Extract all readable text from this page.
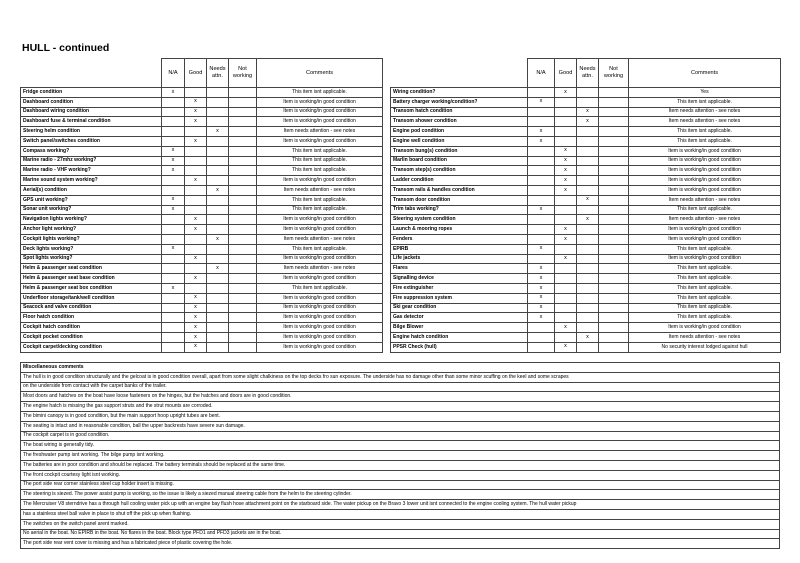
HULL - continued
	N/A	Good	Needs attn.	Not working	Comments
Fridge condition	x				This item isnt applicable.
Dashboard condition		x			Item is working/in good condition
Dashboard wiring condition		x			Item is working/in good condition
Dashboard fuse & terminal condition		x			Item is working/in good condition
Steering helm condition			x		Item needs attention - see notes
Switch panel/switches condition		x			Item is working/in good condition
Compass working?	x				This item isnt applicable.
Marine radio - 27mhz working?	x				This item isnt applicable.
Marine radio - VHF working?	x				This item isnt applicable.
Marine sound system working?		x			Item is working/in good condition
Aerial(s) condition			x		Item needs attention - see notes
GPS unit working?	x				This item isnt applicable.
Sonar unit working?	x				This item isnt applicable.
Navigation lights working?		x			Item is working/in good condition
Anchor light working?		x			Item is working/in good condition
Cockpit lights working?			x		Item needs attention - see notes
Deck lights working?	x				This item isnt applicable.
Spot lights working?		x			Item is working/in good condition
Helm & passenger seat condition			x		Item needs attention - see notes
Helm & passenger seat base condition		x			Item is working/in good condition
Helm & passenger seat box condition	x				This item isnt applicable.
Underfloor storage/tank/well condition		x			Item is working/in good condition
Seacock and valve condition		x			Item is working/in good condition
Floor hatch condition		x			Item is working/in good condition
Cockpit hatch condition		x			Item is working/in good condition
Cockpit pocket condition		x			Item is working/in good condition
Cockpit carpet/decking condition		x			Item is working/in good condition
	N/A	Good	Needs attn.	Not working	Comments
Wiring condition?		x			Yes
Battery charger working/condition?	x				This item isnt applicable.
Transom hatch condition			x		Item needs attention - see notes
Transom shower condition			x		Item needs attention - see notes
Engine pod condition	x				This item isnt applicable.
Engine well condition	x				This item isnt applicable.
Transom bung(s) condition		x			Item is working/in good condition
Marlin board condition		x			Item is working/in good condition
Transom step(s) condition		x			Item is working/in good condition
Ladder condition		x			Item is working/in good condition
Transom rails & handles condition		x			Item is working/in good condition
Transom door condition			x		Item needs attention - see notes
Trim tabs working?	x				This item isnt applicable.
Steering system condition			x		Item needs attention - see notes
Launch & mooring ropes		x			Item is working/in good condition
Fenders		x			Item is working/in good condition
EPIRB	x				This item isnt applicable.
Life jackets		x			Item is working/in good condition
Flares	x				This item isnt applicable.
Signalling device	x				This item isnt applicable.
Fire extinguisher	x				This item isnt applicable.
Fire suppression system	x				This item isnt applicable.
Ski gear condition	x				This item isnt applicable.
Gas detector	x				This item isnt applicable.
Bilge Blower		x			Item is working/in good condition
Engine hatch condition			x		Item needs attention - see notes
PPSR Check (hull)		x			No security interest lodged against hull
Miscellaneous comments
The hull is in good condition structurally and the gelcoat is in good condition overall, apart from some slight chalkiness on the top decks fro sun exposure. The underside has no damage other than some minor scuffing on the keel and some scrapes
on the underside from contact with the carpet banks of the trailer.
Most doors and hatches on the boat have loose fasteners on the hinges, but the hatches and doors are in good condition.
The engine hatch is missing the gas support struts and the strut mounts are corroded.
The bimini canopy is in good condition, but the main support hoop upright tubes are bent.
The seating is intact and in reasonable condition, ball the upper backrests have severe sun damage.
The cockpit carpet is in good condition.
The boat wiring is generally tidy.
The freshwater pump isnt working. The bilge pump isnt working.
The batteries are in poor condition and should be replaced. The battery terminals should be replaced at the same time.
The front cockpit courtesy light isnt working.
The port side rear corner stainless steel cup holder insert is missing.
The steering is siezed. The power assist pump is working, so the issue is likely a siezed manual steering cable from the helm to the steering cylinder.
The Mercruiser V8 sterndrive has a through hull cooling water pick up with an engine bay flush hose attachment point on the starboard side. The water pickup on the Bravo 3 lower unit isnt connected to the engine cooling system. The hull water pickup
has a stainless steel ball valve in place to shut off the pick up when flushing.
The switches on the switch panel arent marked.
No aerial in the boat. No EPIRB in the boat. No flares in the boat. Block type PFD1 and PFD3 jackets are in the boat.
The port side rear vent cover is missing and has a fabricated piece of plastic covering the hole.
